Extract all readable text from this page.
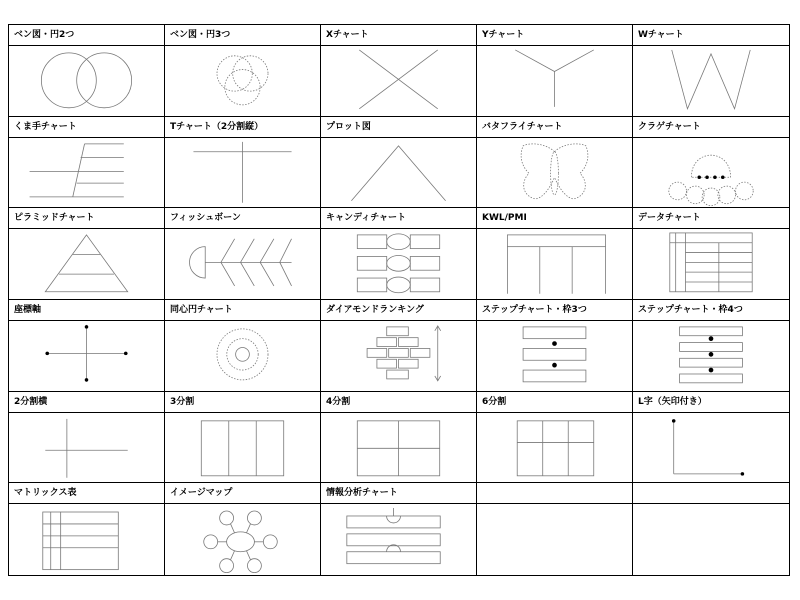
ベン図・円2つ	ベン図・円3つ	Xチャート	Yチャート	Wチャート
くま手チャート	Tチャート（2分割縦）	プロット図	バタフライチャート	クラゲチャート
ピラミッドチャート	フィッシュボーン	キャンディチャート	KWL/PMI	データチャート
座標軸	同心円チャート	ダイアモンドランキング	ステップチャート・枠3つ	ステップチャート・枠4つ
2分割横	3分割	4分割	6分割	L字（矢印付き）
マトリックス表	イメージマップ	情報分析チャート
